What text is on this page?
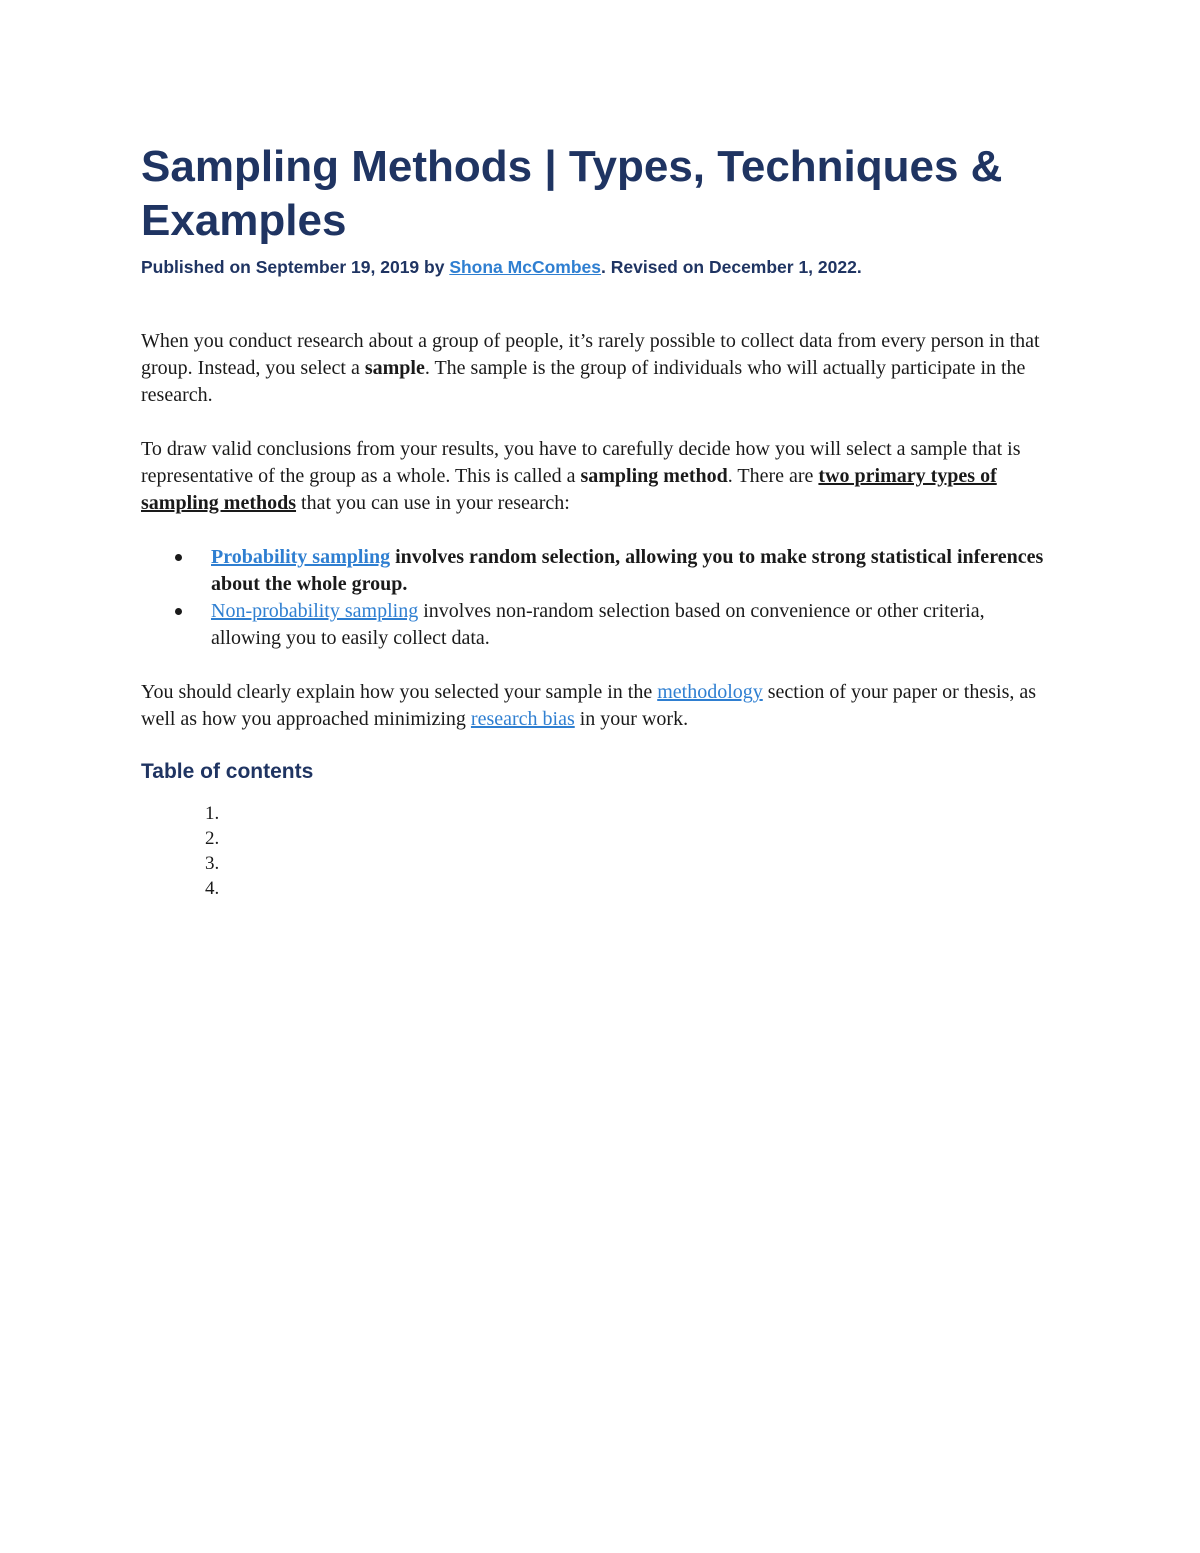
Sampling Methods | Types, Techniques & Examples

Published on September 19, 2019 by Shona McCombes. Revised on December 1, 2022.

When you conduct research about a group of people, it’s rarely possible to collect data from every person in that group. Instead, you select a sample. The sample is the group of individuals who will actually participate in the research.

To draw valid conclusions from your results, you have to carefully decide how you will select a sample that is representative of the group as a whole. This is called a sampling method. There are two primary types of sampling methods that you can use in your research:

Probability sampling involves random selection, allowing you to make strong statistical inferences about the whole group.
Non-probability sampling involves non-random selection based on convenience or other criteria, allowing you to easily collect data.

You should clearly explain how you selected your sample in the methodology section of your paper or thesis, as well as how you approached minimizing research bias in your work.

Table of contents
1.
2.
3.
4.
